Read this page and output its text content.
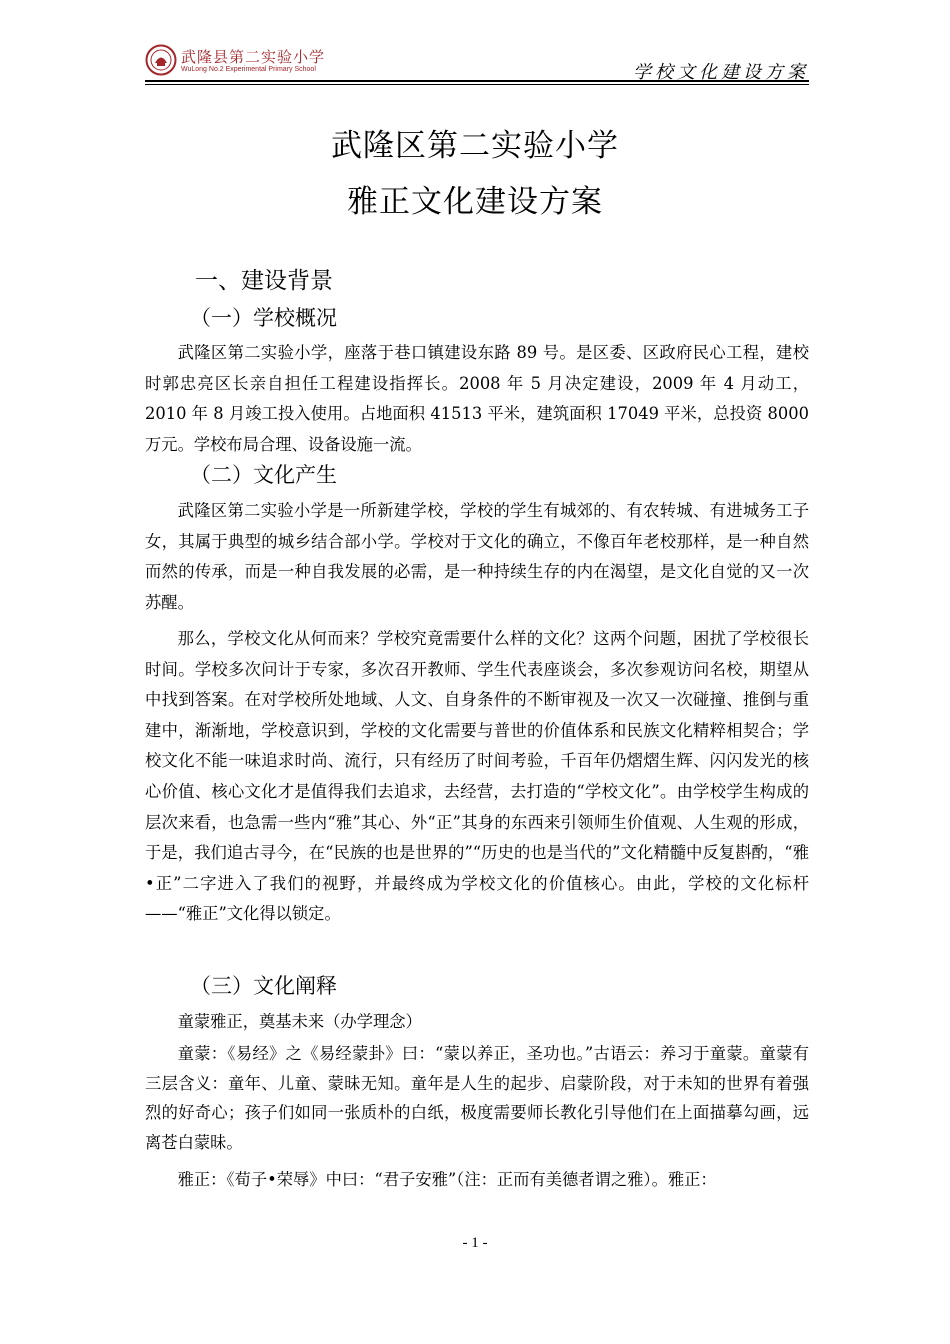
武隆县第二实验小学
WuLong No.2 Experimental Primary School	学校文化建设方案
武隆区第二实验小学
雅正文化建设方案
一、建设背景
（一）学校概况
武隆区第二实验小学，座落于巷口镇建设东路 89 号。是区委、区政府民心工程，建校时郭忠亮区长亲自担任工程建设指挥长。2008 年 5 月决定建设，2009 年 4 月动工，2010 年 8 月竣工投入使用。占地面积 41513 平米，建筑面积 17049 平米，总投资 8000 万元。学校布局合理、设备设施一流。
（二）文化产生
武隆区第二实验小学是一所新建学校，学校的学生有城郊的、有农转城、有进城务工子女，其属于典型的城乡结合部小学。学校对于文化的确立，不像百年老校那样，是一种自然而然的传承，而是一种自我发展的必需，是一种持续生存的内在渴望，是文化自觉的又一次苏醒。
那么，学校文化从何而来？学校究竟需要什么样的文化？这两个问题，困扰了学校很长时间。学校多次问计于专家，多次召开教师、学生代表座谈会，多次参观访问名校，期望从中找到答案。在对学校所处地域、人文、自身条件的不断审视及一次又一次碰撞、推倒与重建中，渐渐地，学校意识到，学校的文化需要与普世的价值体系和民族文化精粹相契合；学校文化不能一味追求时尚、流行，只有经历了时间考验，千百年仍熠熠生辉、闪闪发光的核心价值、核心文化才是值得我们去追求，去经营，去打造的“学校文化”。由学校学生构成的层次来看，也急需一些内“雅”其心、外“正”其身的东西来引领师生价值观、人生观的形成，于是，我们追古寻今，在“民族的也是世界的”“历史的也是当代的”文化精髓中反复斟酌，“雅•正”二字进入了我们的视野，并最终成为学校文化的价值核心。由此，学校的文化标杆——“雅正”文化得以锁定。
（三）文化阐释
童蒙雅正，奠基未来（办学理念）
童蒙：《易经》之《易经蒙卦》曰：“蒙以养正，圣功也。”古语云：养习于童蒙。童蒙有三层含义：童年、儿童、蒙昧无知。童年是人生的起步、启蒙阶段，对于未知的世界有着强烈的好奇心；孩子们如同一张质朴的白纸，极度需要师长教化引导他们在上面描摹勾画，远离苍白蒙昧。
雅正：《荀子•荣辱》中曰：“君子安雅”（注：正而有美德者谓之雅）。雅正：
- 1 -
